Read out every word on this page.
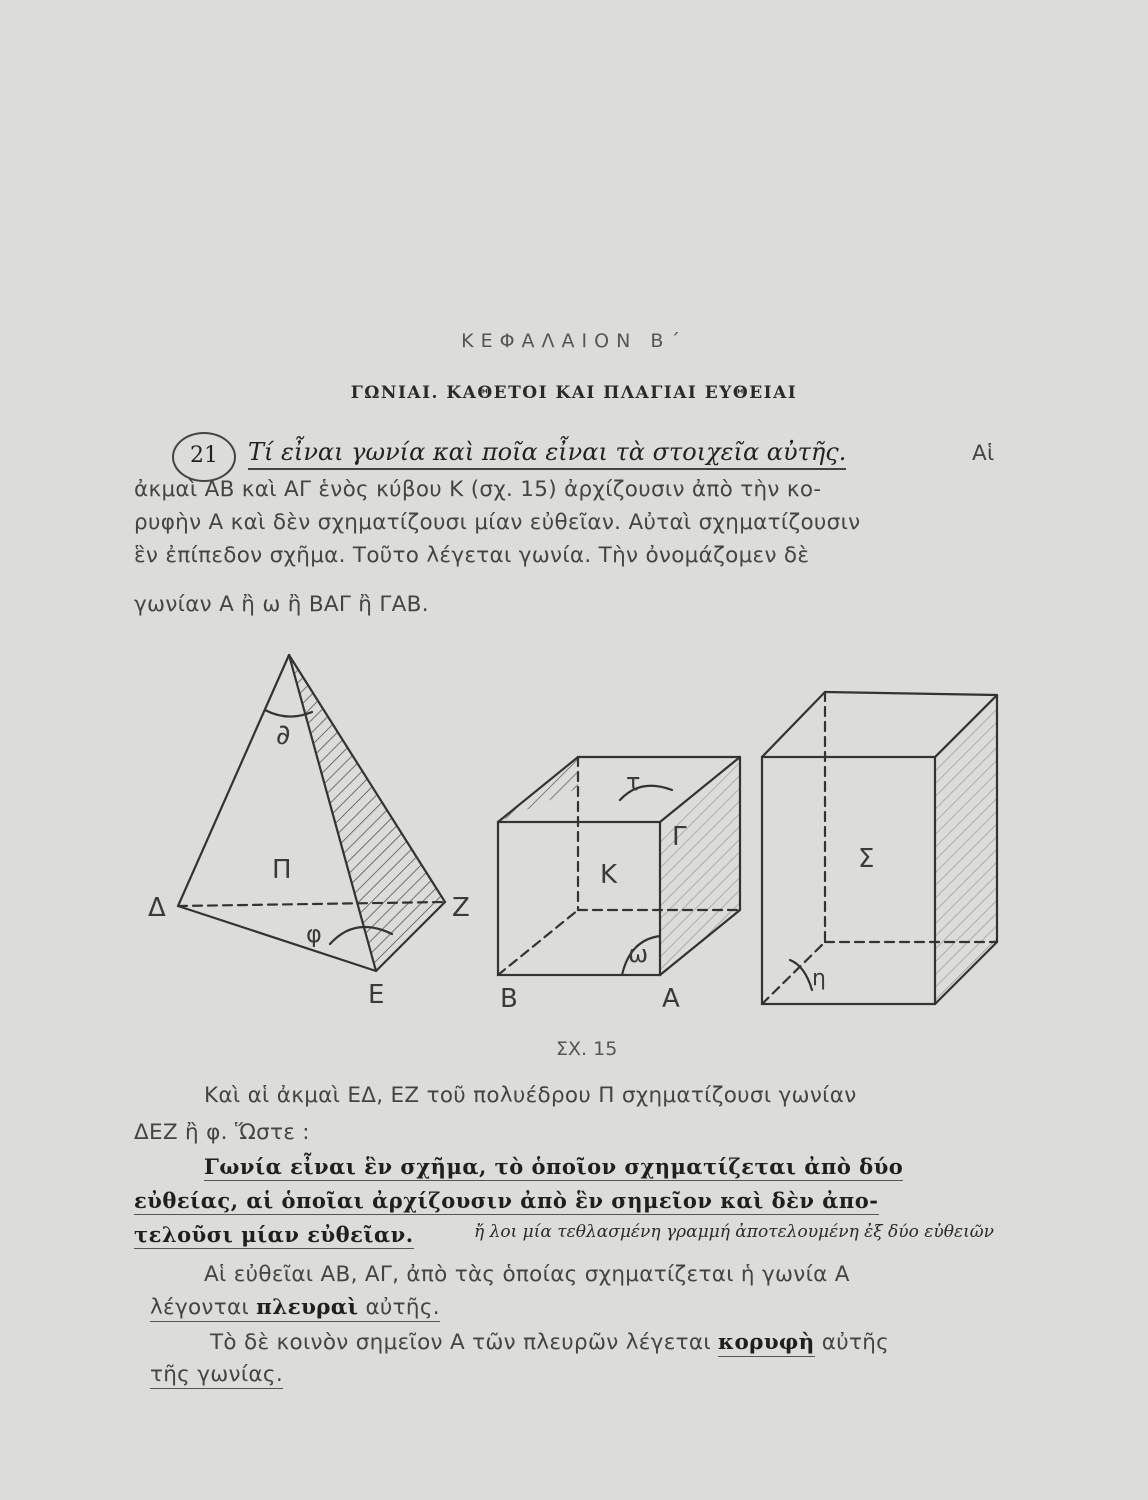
ΚΕΦΑΛΑΙΟΝ Β΄
ΓΩΝΙΑΙ. ΚΑΘΕΤΟΙ ΚΑΙ ΠΛΑΓΙΑΙ ΕΥΘΕΙΑΙ
21	Τί εἶναι γωνία καὶ ποῖα εἶναι τὰ στοιχεῖα αὐτῆς.	Αἱ
ἀκμαὶ ΑΒ καὶ ΑΓ ἑνὸς κύβου Κ (σχ. 15) ἀρχίζουσιν ἀπὸ τὴν κο-
ρυφὴν Α καὶ δὲν σχηματίζουσι μίαν εὐθεῖαν. Αὐταὶ σχηματίζουσιν
ἓν ἐπίπεδον σχῆμα. Τοῦτο λέγεται γωνία. Τὴν ὀνομάζομεν δὲ
γωνίαν Α ἢ ω ἢ ΒΑΓ ἢ ΓΑΒ.
∂
Π
Δ	Ζ
φ
Ε
τ
Γ
Κ
ω
Β	Α
Σ
η
ΣΧ. 15
Καὶ αἱ ἀκμαὶ ΕΔ, ΕΖ τοῦ πολυέδρου Π σχηματίζουσι γωνίαν
ΔΕΖ ἢ φ. Ὥστε :
Γωνία εἶναι ἓν σχῆμα, τὸ ὁποῖον σχηματίζεται ἀπὸ δύο
εὐθείας, αἱ ὁποῖαι ἀρχίζουσιν ἀπὸ ἓν σημεῖον καὶ δὲν ἀπο-
τελοῦσι μίαν εὐθεῖαν.	ἤ λοι μία τεθλασμένη γραμμή ἀποτελουμένη ἐξ δύο εὐθειῶν
Αἱ εὐθεῖαι ΑΒ, ΑΓ, ἀπὸ τὰς ὁποίας σχηματίζεται ἡ γωνία Α
λέγονται πλευραὶ αὐτῆς.
Τὸ δὲ κοινὸν σημεῖον Α τῶν πλευρῶν λέγεται κορυφὴ αὐτῆς
τῆς γωνίας.
